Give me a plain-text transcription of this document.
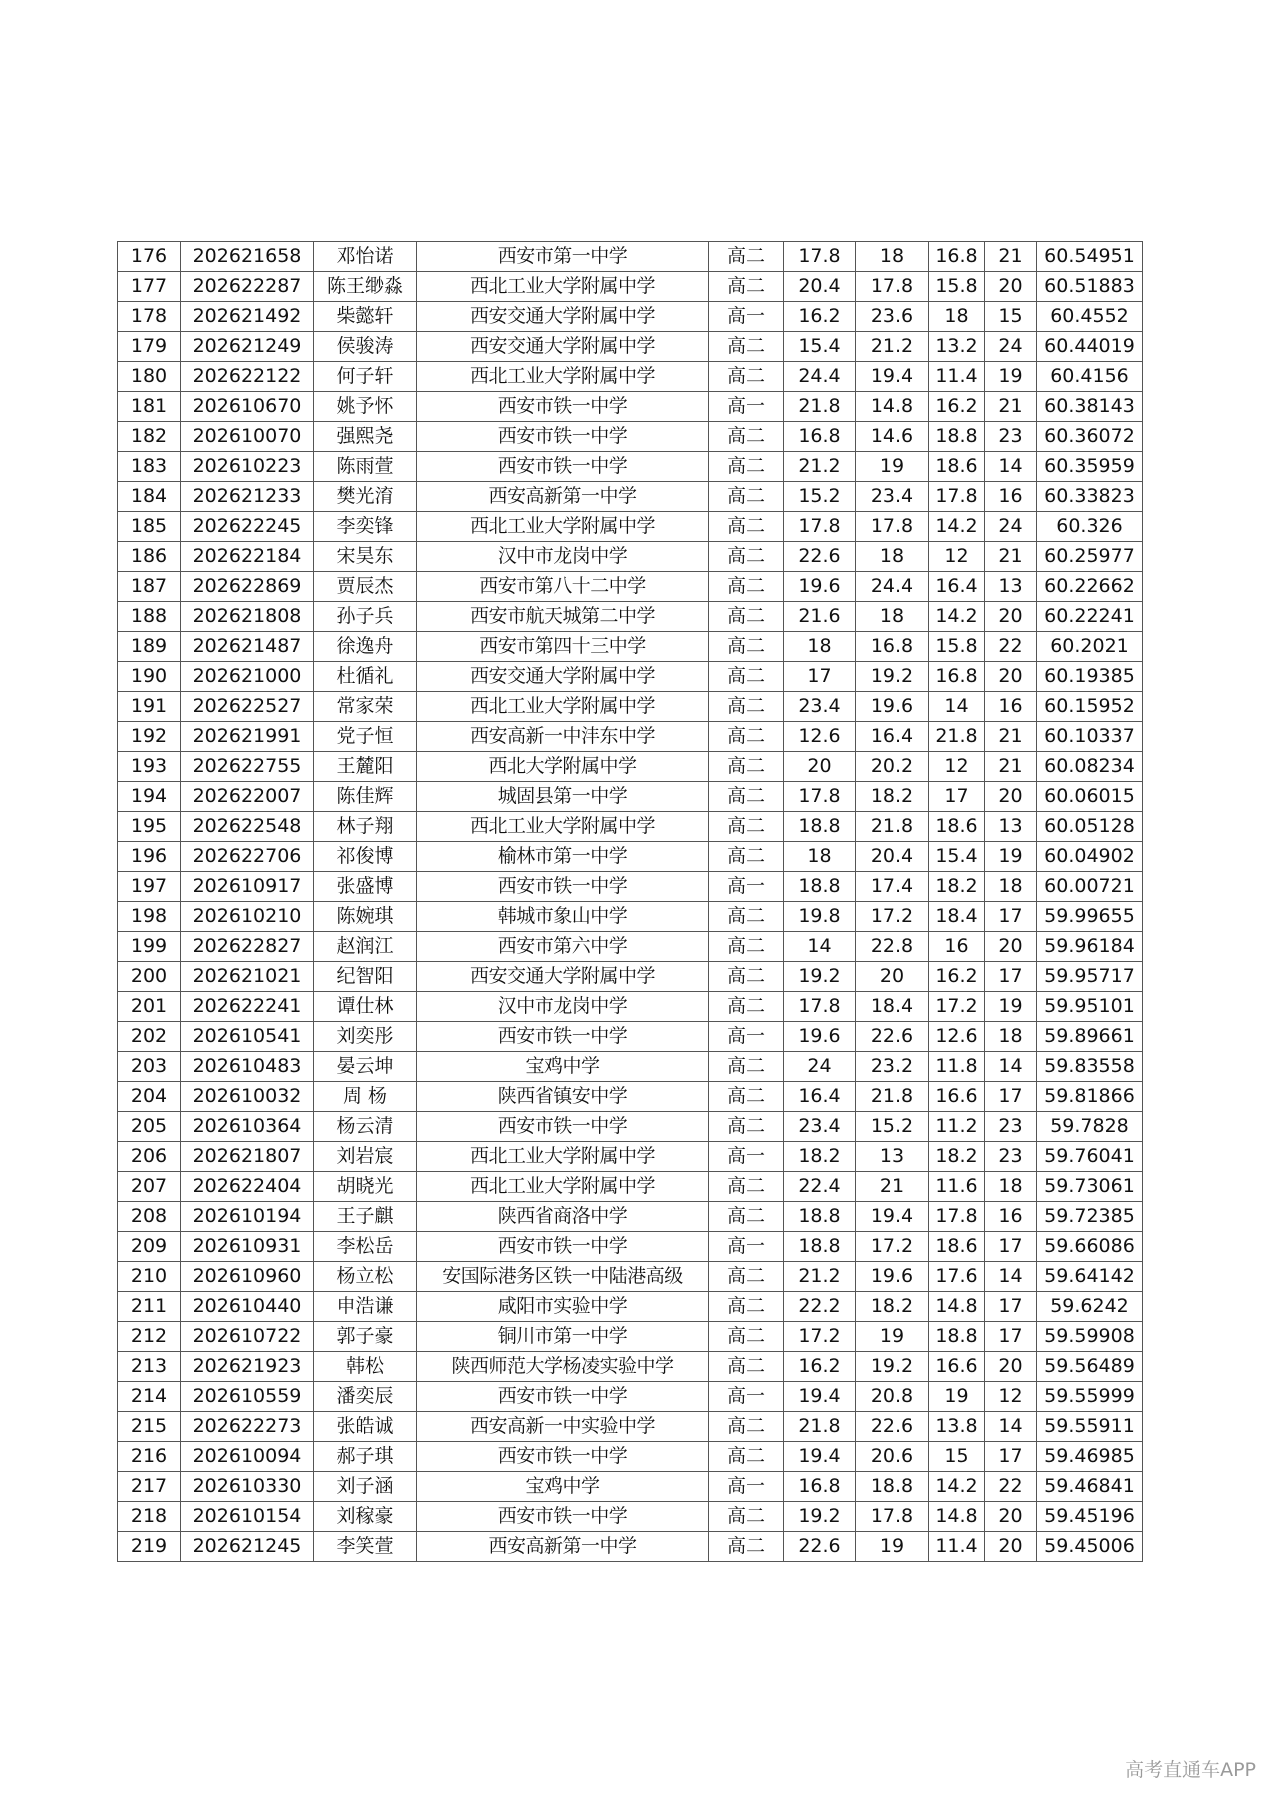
176	202621658	邓怡诺	西安市第一中学	高二	17.8	18	16.8	21	60.54951
177	202622287	陈王缈淼	西北工业大学附属中学	高二	20.4	17.8	15.8	20	60.51883
178	202621492	柴懿轩	西安交通大学附属中学	高一	16.2	23.6	18	15	60.4552
179	202621249	侯骏涛	西安交通大学附属中学	高二	15.4	21.2	13.2	24	60.44019
180	202622122	何子轩	西北工业大学附属中学	高二	24.4	19.4	11.4	19	60.4156
181	202610670	姚予怀	西安市铁一中学	高一	21.8	14.8	16.2	21	60.38143
182	202610070	强熙尧	西安市铁一中学	高二	16.8	14.6	18.8	23	60.36072
183	202610223	陈雨萱	西安市铁一中学	高二	21.2	19	18.6	14	60.35959
184	202621233	樊光淯	西安高新第一中学	高二	15.2	23.4	17.8	16	60.33823
185	202622245	李奕锋	西北工业大学附属中学	高二	17.8	17.8	14.2	24	60.326
186	202622184	宋昊东	汉中市龙岗中学	高二	22.6	18	12	21	60.25977
187	202622869	贾辰杰	西安市第八十二中学	高二	19.6	24.4	16.4	13	60.22662
188	202621808	孙子兵	西安市航天城第二中学	高二	21.6	18	14.2	20	60.22241
189	202621487	徐逸舟	西安市第四十三中学	高二	18	16.8	15.8	22	60.2021
190	202621000	杜循礼	西安交通大学附属中学	高二	17	19.2	16.8	20	60.19385
191	202622527	常家荣	西北工业大学附属中学	高二	23.4	19.6	14	16	60.15952
192	202621991	党子恒	西安高新一中沣东中学	高二	12.6	16.4	21.8	21	60.10337
193	202622755	王麓阳	西北大学附属中学	高二	20	20.2	12	21	60.08234
194	202622007	陈佳辉	城固县第一中学	高二	17.8	18.2	17	20	60.06015
195	202622548	林子翔	西北工业大学附属中学	高二	18.8	21.8	18.6	13	60.05128
196	202622706	祁俊博	榆林市第一中学	高二	18	20.4	15.4	19	60.04902
197	202610917	张盛博	西安市铁一中学	高一	18.8	17.4	18.2	18	60.00721
198	202610210	陈婉琪	韩城市象山中学	高二	19.8	17.2	18.4	17	59.99655
199	202622827	赵润江	西安市第六中学	高二	14	22.8	16	20	59.96184
200	202621021	纪智阳	西安交通大学附属中学	高二	19.2	20	16.2	17	59.95717
201	202622241	谭仕林	汉中市龙岗中学	高二	17.8	18.4	17.2	19	59.95101
202	202610541	刘奕彤	西安市铁一中学	高一	19.6	22.6	12.6	18	59.89661
203	202610483	晏云坤	宝鸡中学	高二	24	23.2	11.8	14	59.83558
204	202610032	周 杨	陕西省镇安中学	高二	16.4	21.8	16.6	17	59.81866
205	202610364	杨云清	西安市铁一中学	高二	23.4	15.2	11.2	23	59.7828
206	202621807	刘岩宸	西北工业大学附属中学	高一	18.2	13	18.2	23	59.76041
207	202622404	胡晓光	西北工业大学附属中学	高二	22.4	21	11.6	18	59.73061
208	202610194	王子麒	陕西省商洛中学	高二	18.8	19.4	17.8	16	59.72385
209	202610931	李松岳	西安市铁一中学	高一	18.8	17.2	18.6	17	59.66086
210	202610960	杨立松	安国际港务区铁一中陆港高级	高二	21.2	19.6	17.6	14	59.64142
211	202610440	申浩谦	咸阳市实验中学	高二	22.2	18.2	14.8	17	59.6242
212	202610722	郭子豪	铜川市第一中学	高二	17.2	19	18.8	17	59.59908
213	202621923	韩松	陕西师范大学杨凌实验中学	高二	16.2	19.2	16.6	20	59.56489
214	202610559	潘奕辰	西安市铁一中学	高一	19.4	20.8	19	12	59.55999
215	202622273	张皓诚	西安高新一中实验中学	高二	21.8	22.6	13.8	14	59.55911
216	202610094	郝子琪	西安市铁一中学	高二	19.4	20.6	15	17	59.46985
217	202610330	刘子涵	宝鸡中学	高一	16.8	18.8	14.2	22	59.46841
218	202610154	刘稼豪	西安市铁一中学	高二	19.2	17.8	14.8	20	59.45196
219	202621245	李笑萱	西安高新第一中学	高二	22.6	19	11.4	20	59.45006
高考直通车APP
